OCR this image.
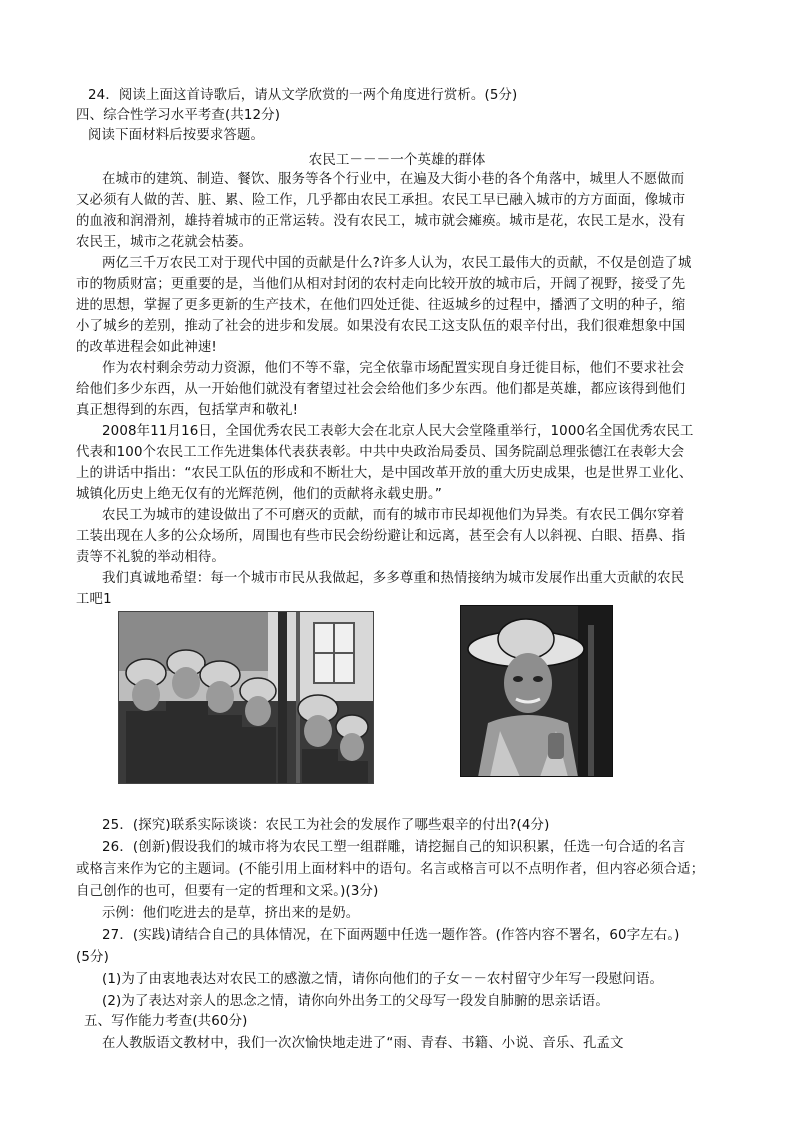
24．阅读上面这首诗歌后，请从文学欣赏的一两个角度进行赏析。(5分)
四、综合性学习水平考查(共12分)
阅读下面材料后按要求答题。
农民工－－－一个英雄的群体
在城市的建筑、制造、餐饮、服务等各个行业中，在遍及大街小巷的各个角落中，城里人不愿做而
又必须有人做的苦、脏、累、险工作，几乎都由农民工承担。农民工早已融入城市的方方面面，像城市
的血液和润滑剂，雄持着城市的正常运转。没有农民工，城市就会瘫痪。城市是花，农民工是水，没有
农民王，城市之花就会枯萎。
两亿三千万农民工对于现代中国的贡献是什么?许多人认为，农民工最伟大的贡献，不仅是创造了城
市的物质财富；更重要的是，当他们从相对封闭的农村走向比较开放的城市后，开阔了视野，接受了先
进的思想，掌握了更多更新的生产技术，在他们四处迁徙、往返城乡的过程中，播洒了文明的种子，缩
小了城乡的差别，推动了社会的进步和发展。如果没有农民工这支队伍的艰辛付出，我们很难想象中国
的改革进程会如此神速!
作为农村剩余劳动力资源，他们不等不靠，完全依靠市场配置实现自身迁徙目标，他们不要求社会
给他们多少东西，从一开始他们就没有奢望过社会会给他们多少东西。他们都是英雄，都应该得到他们
真正想得到的东西，包括掌声和敬礼!
2008年11月16日，全国优秀农民工表彰大会在北京人民大会堂隆重举行，1000名全国优秀农民工
代表和100个农民工工作先进集体代表获表彰。中共中央政治局委员、国务院副总理张德江在表彰大会
上的讲话中指出：“农民工队伍的形成和不断壮大，是中国改革开放的重大历史成果，也是世界工业化、
城镇化历史上绝无仅有的光辉范例，他们的贡献将永载史册。”
农民工为城市的建设做出了不可磨灭的贡献，而有的城市市民却视他们为异类。有农民工偶尔穿着
工装出现在人多的公众场所，周围也有些市民会纷纷避让和远离，甚至会有人以斜视、白眼、捂鼻、指
责等不礼貌的举动相待。
我们真诚地希望：每一个城市市民从我做起，多多尊重和热情接纳为城市发展作出重大贡献的农民
工吧1
25．(探究)联系实际谈谈：农民工为社会的发展作了哪些艰辛的付出?(4分)
26．(创新)假设我们的城市将为农民工塑一组群雕，请挖掘自己的知识积累，任选一句合适的名言
或格言来作为它的主题词。(不能引用上面材料中的语句。名言或格言可以不点明作者，但内容必须合适；
自己创作的也可，但要有一定的哲理和文采。)(3分)
示例：他们吃进去的是草，挤出来的是奶。
27．(实践)请结合自己的具体情况，在下面两题中任选一题作答。(作答内容不署名，60字左右。)
(5分)
(1)为了由衷地表达对农民工的感激之情，请你向他们的子女－－农村留守少年写一段慰问语。
(2)为了表达对亲人的思念之情，请你向外出务工的父母写一段发自肺腑的思亲话语。
五、写作能力考查(共60分)
在人教版语文教材中，我们一次次愉快地走进了“雨、青春、书籍、小说、音乐、孔孟文
